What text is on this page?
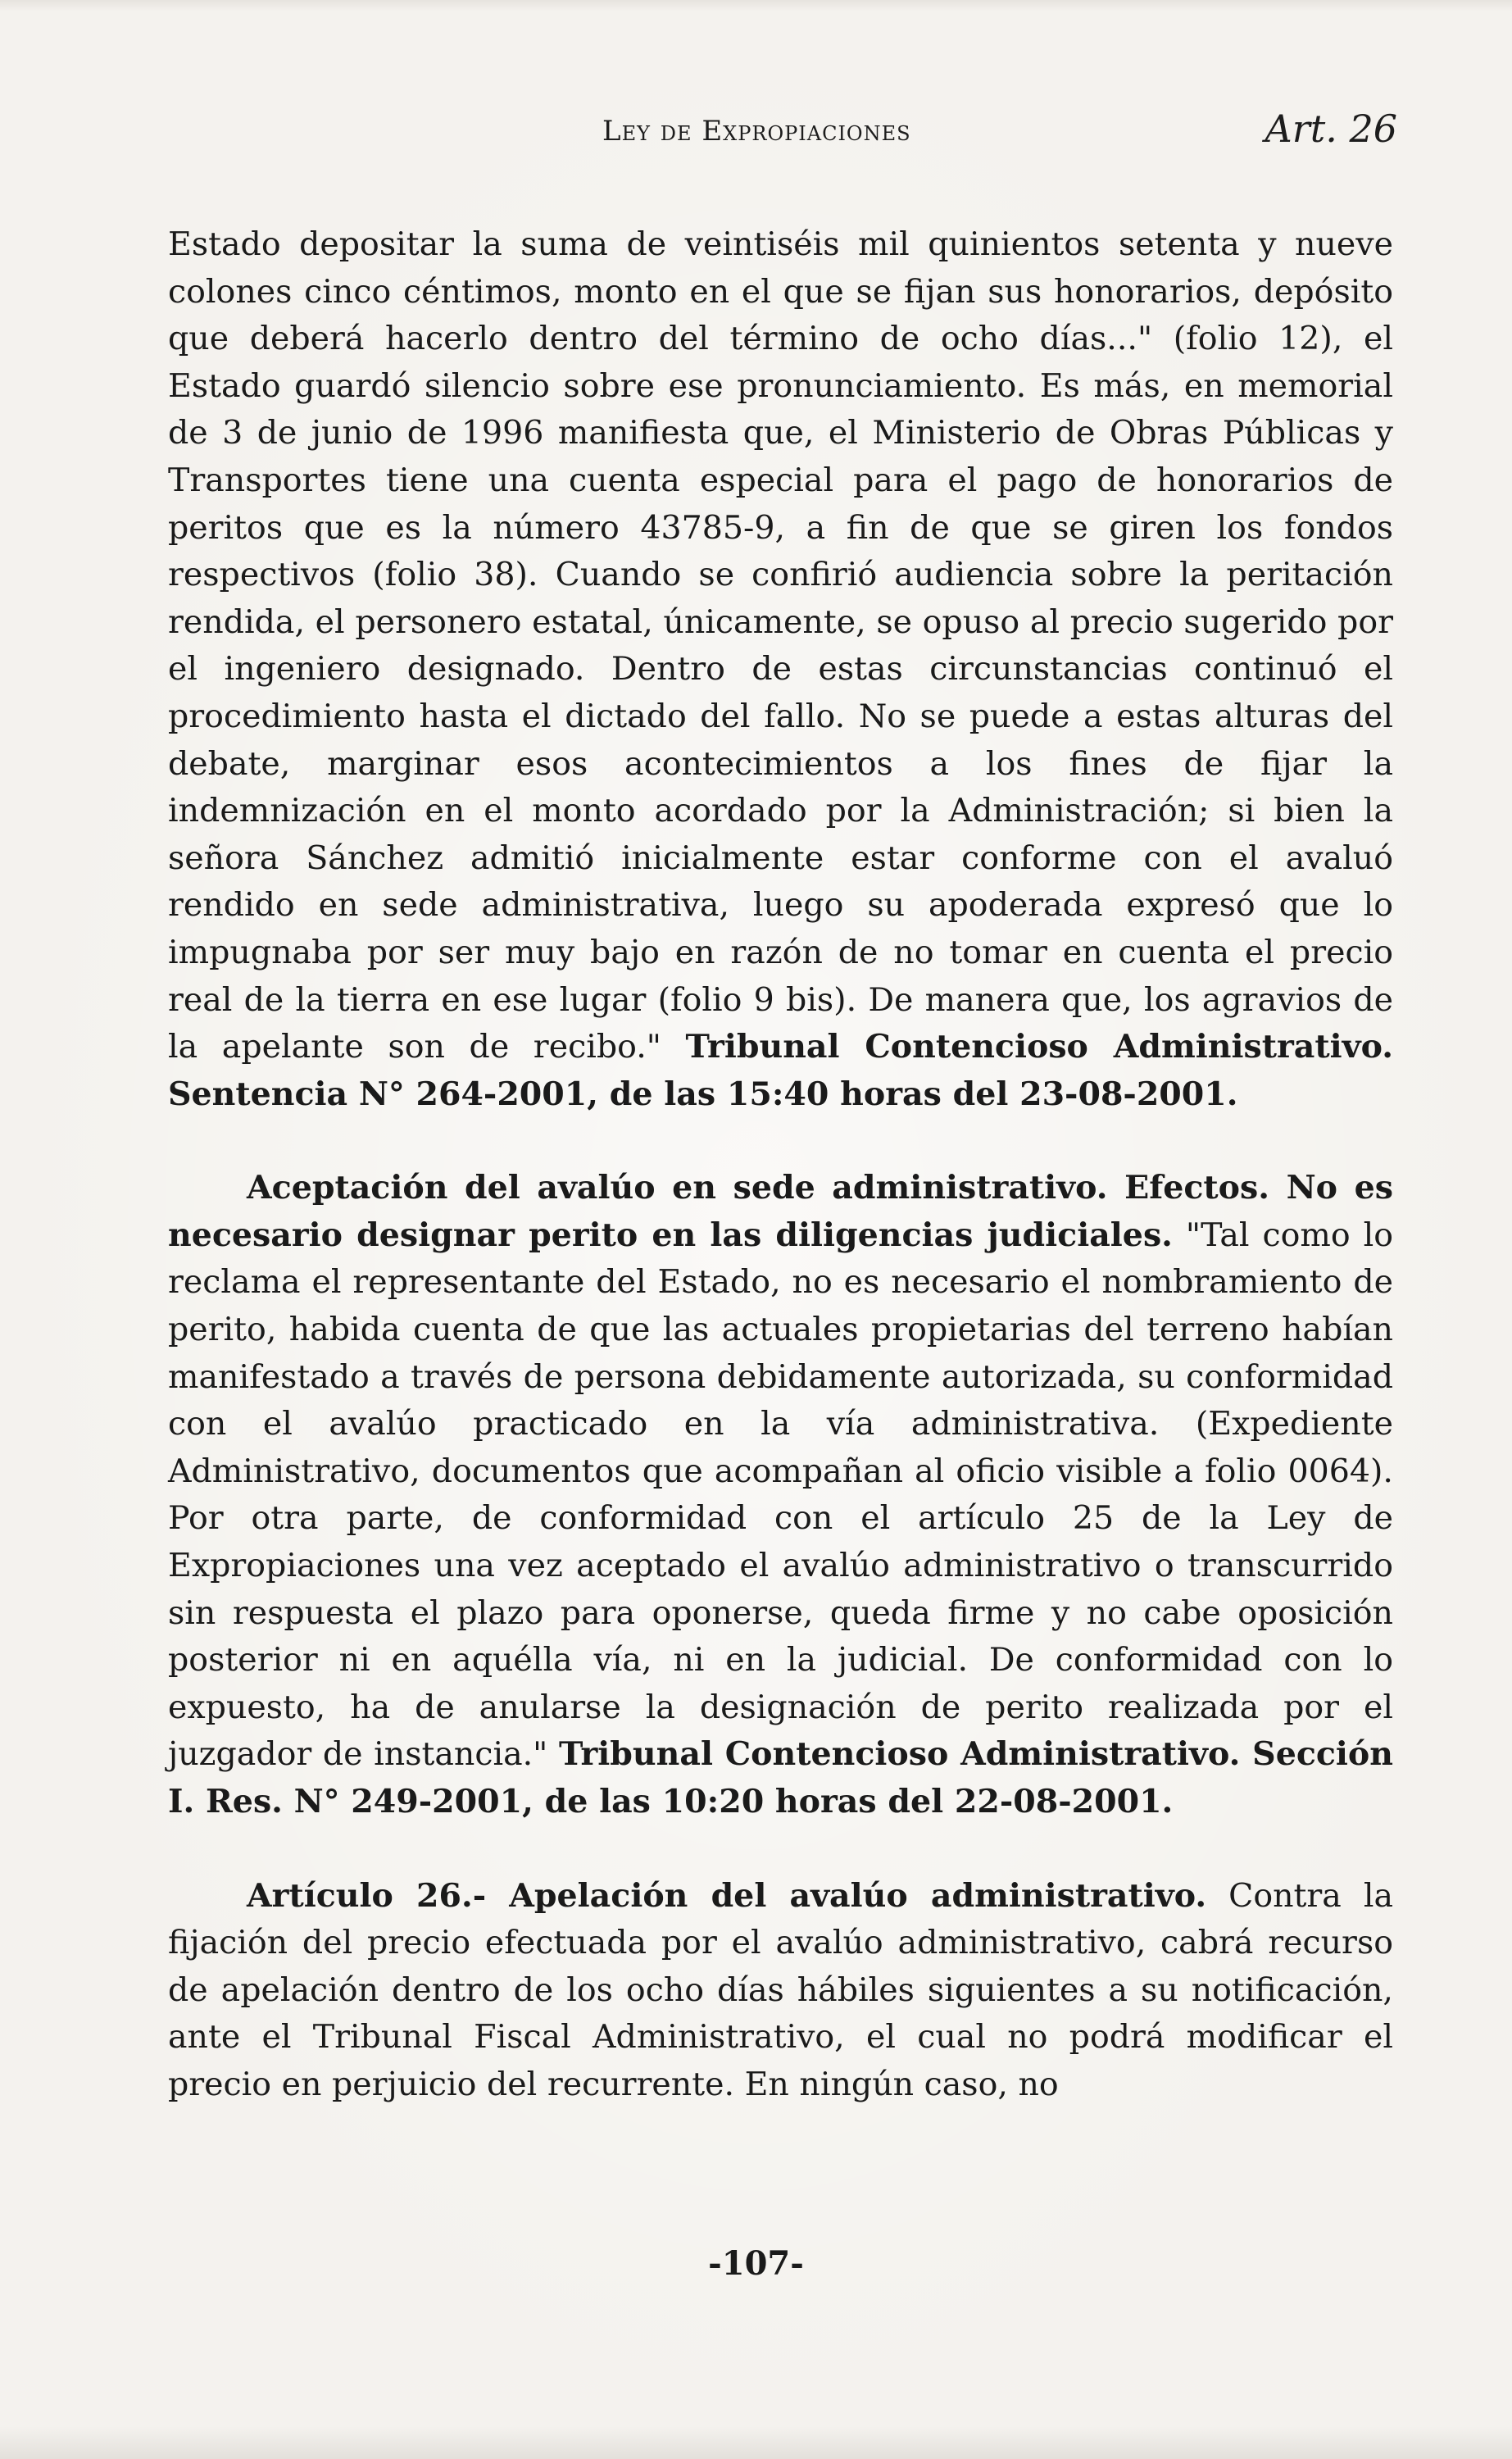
Ley de Expropiaciones	Art. 26

Estado depositar la suma de veintiséis mil quinientos setenta y nueve colones cinco céntimos, monto en el que se fijan sus honorarios, depósito que deberá hacerlo dentro del término de ocho días..." (folio 12), el Estado guardó silencio sobre ese pronunciamiento. Es más, en memorial de 3 de junio de 1996 manifiesta que, el Ministerio de Obras Públicas y Transportes tiene una cuenta especial para el pago de honorarios de peritos que es la número 43785-9, a fin de que se giren los fondos respectivos (folio 38). Cuando se confirió audiencia sobre la peritación rendida, el personero estatal, únicamente, se opuso al precio sugerido por el ingeniero designado. Dentro de estas circunstancias continuó el procedimiento hasta el dictado del fallo. No se puede a estas alturas del debate, marginar esos acontecimientos a los fines de fijar la indemnización en el monto acordado por la Administración; si bien la señora Sánchez admitió inicialmente estar conforme con el avaluó rendido en sede administrativa, luego su apoderada expresó que lo impugnaba por ser muy bajo en razón de no tomar en cuenta el precio real de la tierra en ese lugar (folio 9 bis). De manera que, los agravios de la apelante son de recibo." Tribunal Contencioso Administrativo. Sentencia N° 264-2001, de las 15:40 horas del 23-08-2001.

Aceptación del avalúo en sede administrativo. Efectos. No es necesario designar perito en las diligencias judiciales. "Tal como lo reclama el representante del Estado, no es necesario el nombramiento de perito, habida cuenta de que las actuales propietarias del terreno habían manifestado a través de persona debidamente autorizada, su conformidad con el avalúo practicado en la vía administrativa. (Expediente Administrativo, documentos que acompañan al oficio visible a folio 0064). Por otra parte, de conformidad con el artículo 25 de la Ley de Expropiaciones una vez aceptado el avalúo administrativo o transcurrido sin respuesta el plazo para oponerse, queda firme y no cabe oposición posterior ni en aquélla vía, ni en la judicial. De conformidad con lo expuesto, ha de anularse la designación de perito realizada por el juzgador de instancia." Tribunal Contencioso Administrativo. Sección I. Res. N° 249-2001, de las 10:20 horas del 22-08-2001.

Artículo 26.- Apelación del avalúo administrativo. Contra la fijación del precio efectuada por el avalúo administrativo, cabrá recurso de apelación dentro de los ocho días hábiles siguientes a su notificación, ante el Tribunal Fiscal Administrativo, el cual no podrá modificar el precio en perjuicio del recurrente. En ningún caso, no

-107-
